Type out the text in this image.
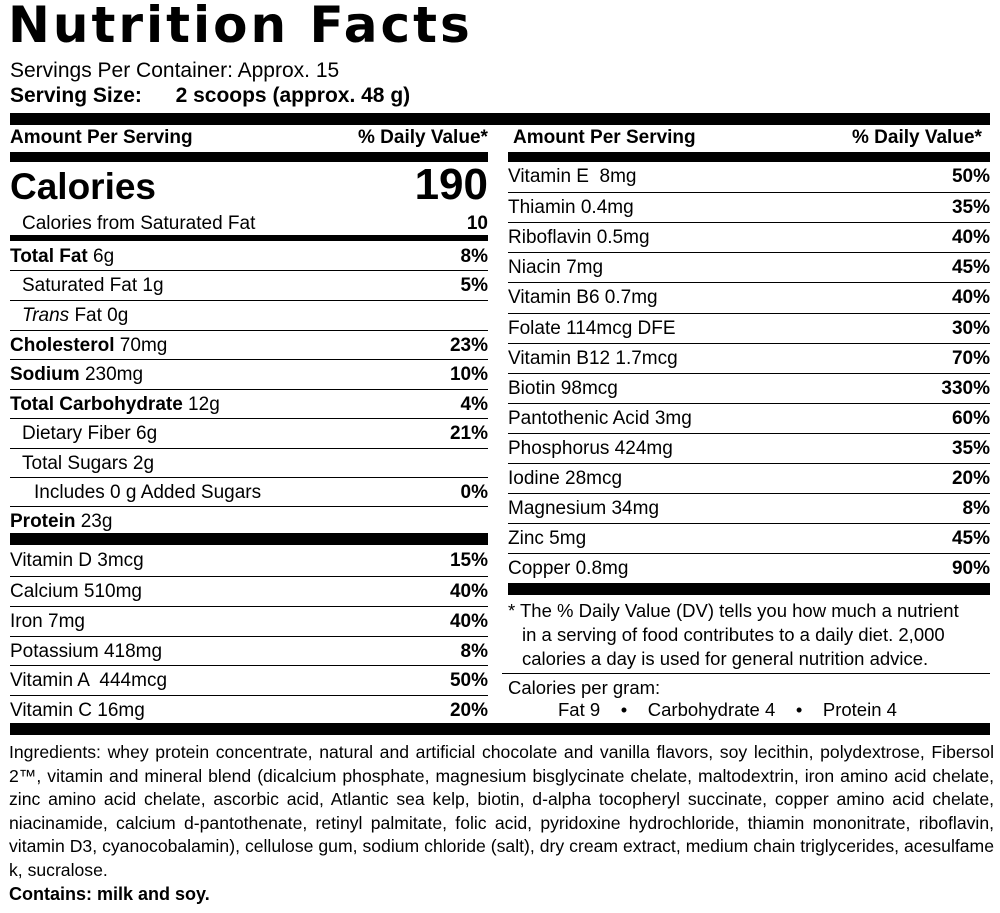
Nutrition Facts
Servings Per Container: Approx. 15
Serving Size: 2 scoops (approx. 48 g)
Amount Per Serving	% Daily Value* Amount Per Serving	% Daily Value*
Calories	190
Calories from Saturated Fat	10
Total Fat 6g	8%
Saturated Fat 1g	5%
Trans Fat 0g
Cholesterol 70mg	23%
Sodium 230mg	10%
Total Carbohydrate 12g	4%
Dietary Fiber 6g	21%
Total Sugars 2g
Includes 0 g Added Sugars	0%
Protein 23g
Vitamin D 3mcg	15%
Calcium 510mg	40%
Iron 7mg	40%
Potassium 418mg	8%
Vitamin A  444mcg	50%
Vitamin C 16mg	20%
Vitamin E  8mg	50%
Thiamin 0.4mg	35%
Riboflavin 0.5mg	40%
Niacin 7mg	45%
Vitamin B6 0.7mg	40%
Folate 114mcg DFE	30%
Vitamin B12 1.7mcg	70%
Biotin 98mcg	330%
Pantothenic Acid 3mg	60%
Phosphorus 424mg	35%
Iodine 28mcg	20%
Magnesium 34mg	8%
Zinc 5mg	45%
Copper 0.8mg	90%
* The % Daily Value (DV) tells you how much a nutrient
in a serving of food contributes to a daily diet. 2,000
calories a day is used for general nutrition advice.
Calories per gram:
Fat 9    •    Carbohydrate 4    •    Protein 4
Ingredients: whey protein concentrate, natural and artificial chocolate and vanilla flavors, soy lecithin, polydextrose, Fibersol 2™, vitamin and mineral blend (dicalcium phosphate, magnesium bisglycinate chelate, maltodextrin, iron amino acid chelate, zinc amino acid chelate, ascorbic acid, Atlantic sea kelp, biotin, d-alpha tocopheryl succinate, copper amino acid chelate, niacinamide, calcium d-pantothenate, retinyl palmitate, folic acid, pyridoxine hydrochloride, thiamin mononitrate, riboflavin, vitamin D3, cyanocobalamin), cellulose gum, sodium chloride (salt), dry cream extract, medium chain triglycerides, acesulfame k, sucralose.
Contains: milk and soy.
